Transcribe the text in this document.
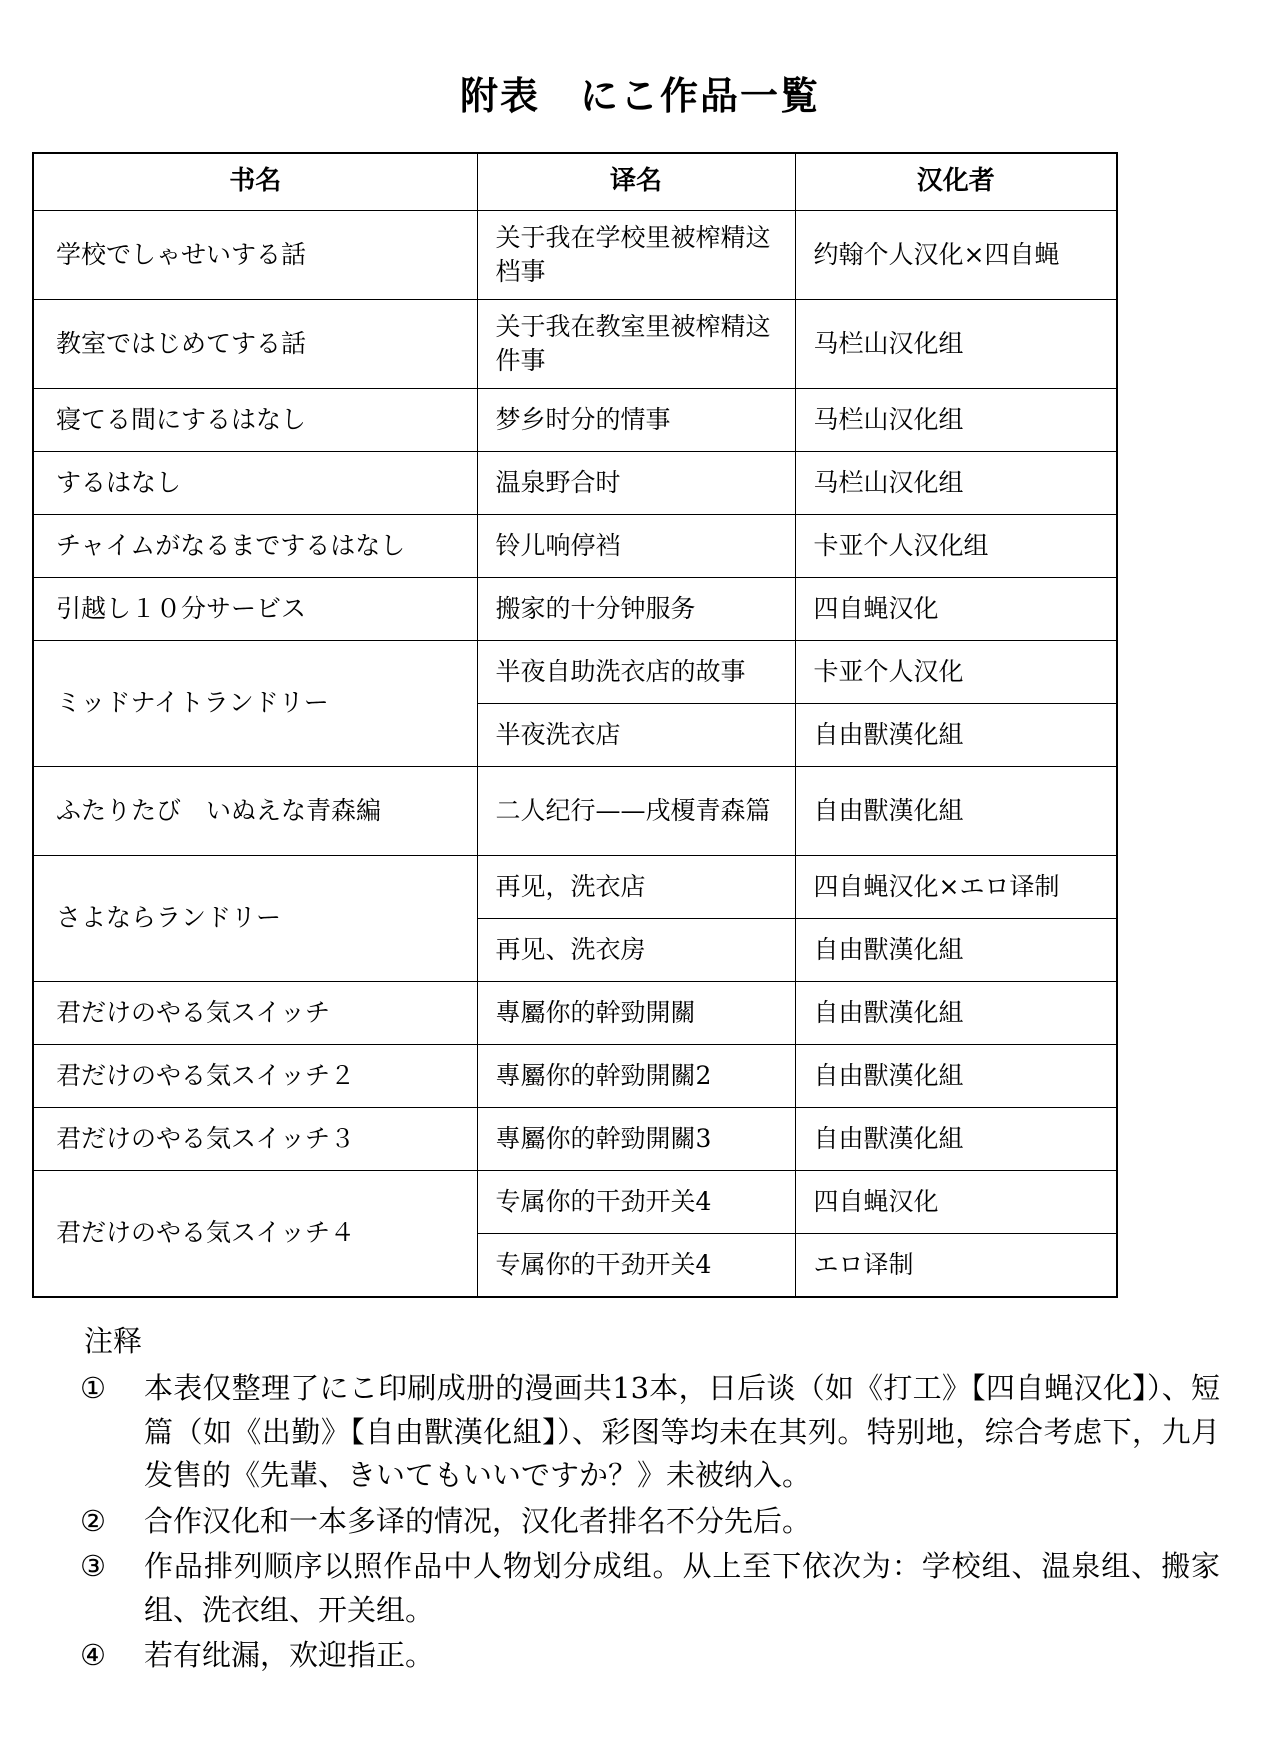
附表　にこ作品一覧
书名	译名	汉化者
学校でしゃせいする話	关于我在学校里被榨精这档事	约翰个人汉化×四自蝇
教室ではじめてする話	关于我在教室里被榨精这件事	马栏山汉化组
寝てる間にするはなし	梦乡时分的情事	马栏山汉化组
するはなし	温泉野合时	马栏山汉化组
チャイムがなるまでするはなし	铃儿响停裆	卡亚个人汉化组
引越し１０分サービス	搬家的十分钟服务	四自蝇汉化
ミッドナイトランドリー	半夜自助洗衣店的故事	卡亚个人汉化
	半夜洗衣店	自由獸漢化組
ふたりたび　いぬえな青森編	二人纪行——戌榎青森篇	自由獸漢化組
さよならランドリー	再见，洗衣店	四自蝇汉化×エロ译制
	再见、洗衣房	自由獸漢化組
君だけのやる気スイッチ	專屬你的幹勁開關	自由獸漢化組
君だけのやる気スイッチ２	專屬你的幹勁開關2	自由獸漢化組
君だけのやる気スイッチ３	專屬你的幹勁開關3	自由獸漢化組
君だけのやる気スイッチ４	专属你的干劲开关4	四自蝇汉化
	专属你的干劲开关4	エロ译制
注释
①	本表仅整理了にこ印刷成册的漫画共13本，日后谈（如《打工》【四自蝇汉化】）、短篇（如《出勤》【自由獸漢化組】）、彩图等均未在其列。特别地，综合考虑下，九月发售的《先輩、きいてもいいですか？》未被纳入。
②	合作汉化和一本多译的情况，汉化者排名不分先后。
③	作品排列顺序以照作品中人物划分成组。从上至下依次为：学校组、温泉组、搬家组、洗衣组、开关组。
④	若有纰漏，欢迎指正。
